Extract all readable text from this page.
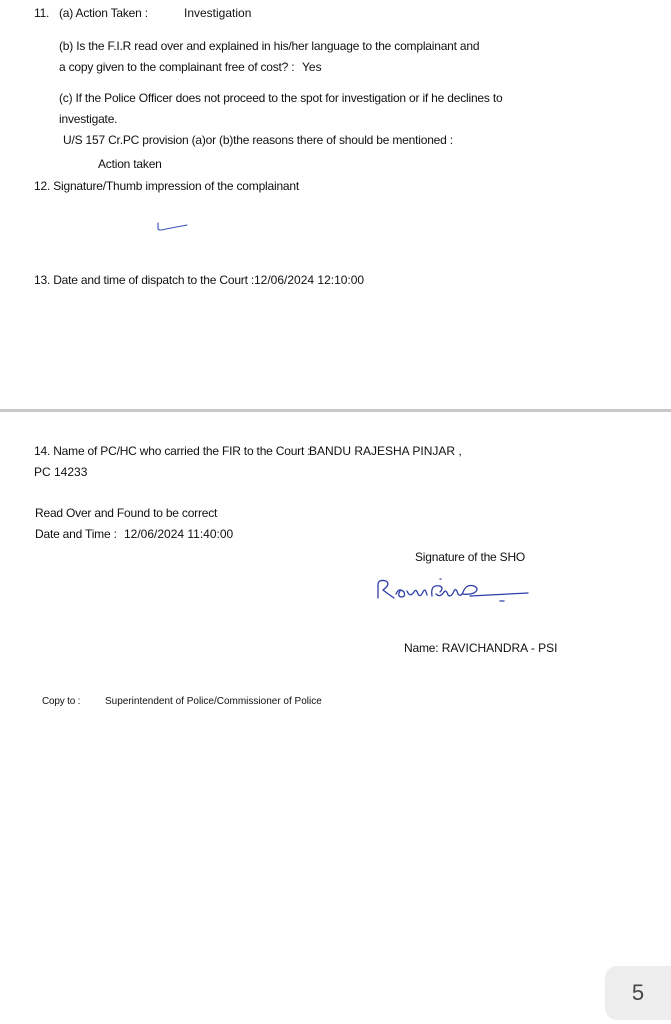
11. (a) Action Taken :	Investigation
(b) Is the F.I.R read over and explained in his/her language to the complainant and
a copy given to the complainant free of cost? : Yes
(c) If the Police Officer does not proceed to the spot for investigation or if he declines to
investigate.
U/S 157 Cr.PC provision (a)or (b)the reasons there of should be mentioned :
Action taken
12. Signature/Thumb impression of the complainant
13. Date and time of dispatch to the Court : 12/06/2024 12:10:00
14. Name of PC/HC who carried the FIR to the Court :
BANDU RAJESHA PINJAR ,
PC 14233
Read Over and Found to be correct
Date and Time : 12/06/2024 11:40:00
Signature of the SHO
Name: RAVICHANDRA - PSI
Copy to : Superintendent of Police/Commissioner of Police
5
